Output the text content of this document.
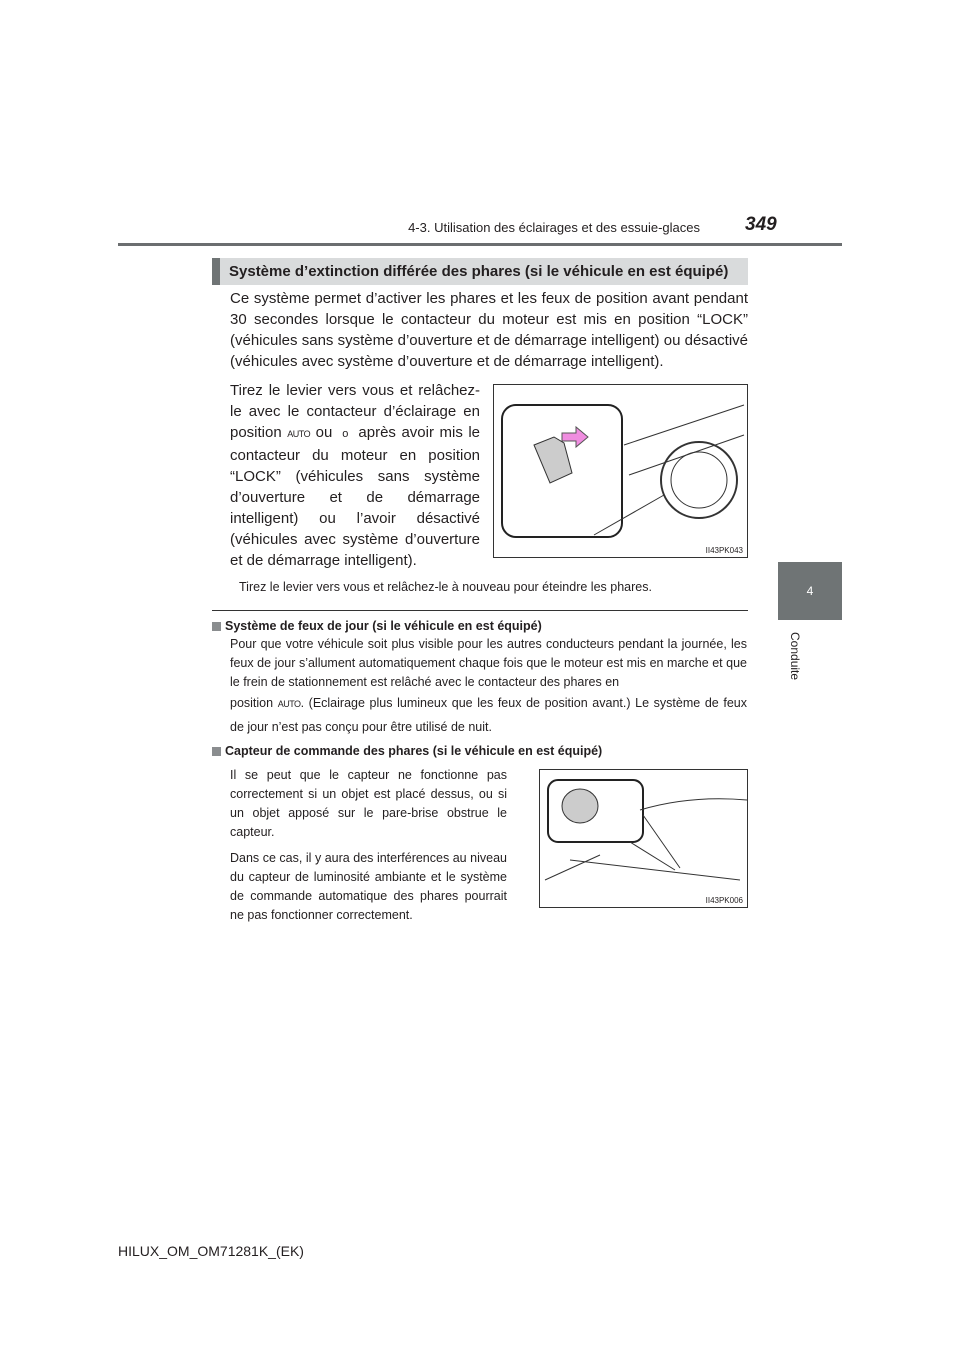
4-3. Utilisation des éclairages et des essuie-glaces 349
4
Conduite
Système d’extinction différée des phares (si le véhicule en est équipé)
Ce système permet d’activer les phares et les feux de position avant pendant 30 secondes lorsque le contacteur du moteur est mis en position “LOCK” (véhicules sans système d’ouverture et de démarrage intelligent) ou désactivé (véhicules avec système d’ouverture et de démarrage intelligent).
Tirez le levier vers vous et relâchez-le avec le contacteur d’éclairage en position AUTO ou  o  après avoir mis le contacteur du moteur en position “LOCK” (véhicules sans système d’ouverture et de démarrage intelligent) ou l’avoir désactivé (véhicules avec système d’ouverture et de démarrage intelligent).
II43PK043
Tirez le levier vers vous et relâchez-le à nouveau pour éteindre les phares.
Système de feux de jour (si le véhicule en est équipé)
Pour que votre véhicule soit plus visible pour les autres conducteurs pendant la journée, les feux de jour s’allument automatiquement chaque fois que le moteur est mis en marche et que le frein de stationnement est relâché avec le contacteur des phares en
position AUTO. (Eclairage plus lumineux que les feux de position avant.) Le système de feux de jour n’est pas conçu pour être utilisé de nuit.
Capteur de commande des phares (si le véhicule en est équipé)
Il se peut que le capteur ne fonctionne pas correctement si un objet est placé dessus, ou si un objet apposé sur le pare-brise obstrue le capteur.
Dans ce cas, il y aura des interférences au niveau du capteur de luminosité ambiante et le système de commande automatique des phares pourrait ne pas fonctionner correctement.
II43PK006
HILUX_OM_OM71281K_(EK)
